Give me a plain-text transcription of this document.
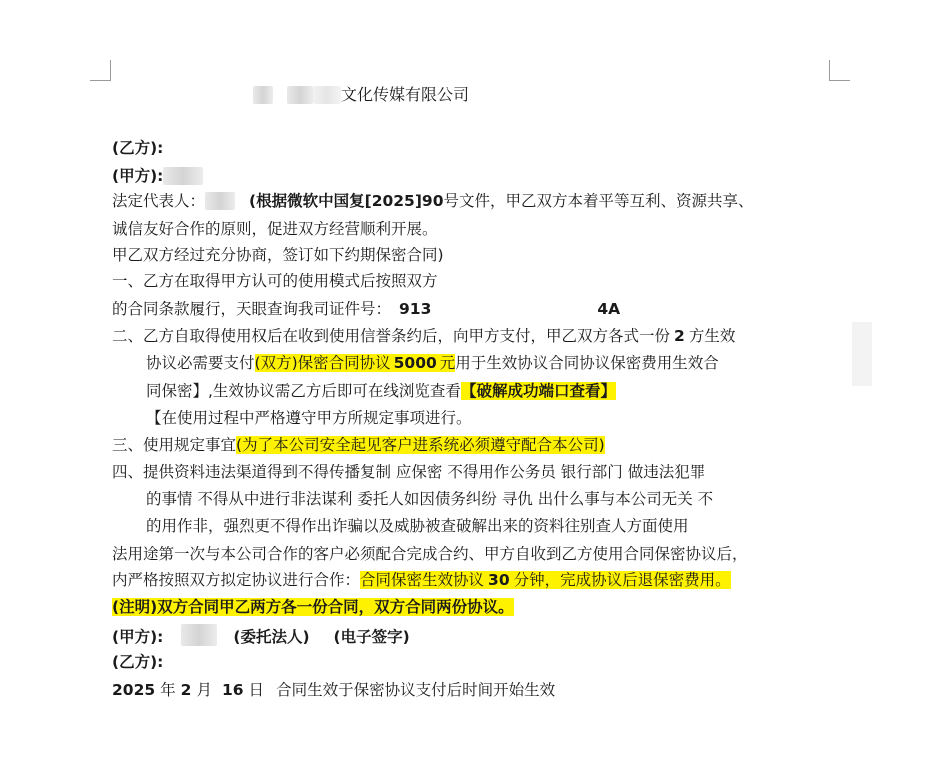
文化传媒有限公司
(乙方):
(甲方):
法定代表人：	(根据微软中国复[2025]90号文件，甲乙双方本着平等互利、资源共享、
诚信友好合作的原则，促进双方经营顺利开展。
甲乙双方经过充分协商，签订如下约期保密合同)
一、乙方在取得甲方认可的使用模式后按照双方
的合同条款履行，天眼查询我司证件号： 913	4A
二、乙方自取得使用权后在收到使用信誉条约后，向甲方支付，甲乙双方各式一份 2 方生效
协议必需要支付(双方)保密合同协议 5000 元用于生效协议合同协议保密费用生效合
同保密】,生效协议需乙方后即可在线浏览查看【破解成功端口查看】
【在使用过程中严格遵守甲方所规定事项进行。
三、使用规定事宜(为了本公司安全起见客户进系统必须遵守配合本公司)
四、提供资料违法渠道得到不得传播复制 应保密 不得用作公务员 银行部门 做违法犯罪
的事情 不得从中进行非法谋利 委托人如因债务纠纷 寻仇 出什么事与本公司无关 不
的用作非，强烈更不得作出诈骗以及威胁被查破解出来的资料往别查人方面使用
法用途第一次与本公司合作的客户必须配合完成合约、甲方自收到乙方使用合同保密协议后，
内严格按照双方拟定协议进行合作：合同保密生效协议 30 分钟，完成协议后退保密费用。
(注明)双方合同甲乙两方各一份合同，双方合同两份协议。
(甲方):	(委托法人) (电子签字)
(乙方):
2025 年 2 月 16 日 合同生效于保密协议支付后时间开始生效
